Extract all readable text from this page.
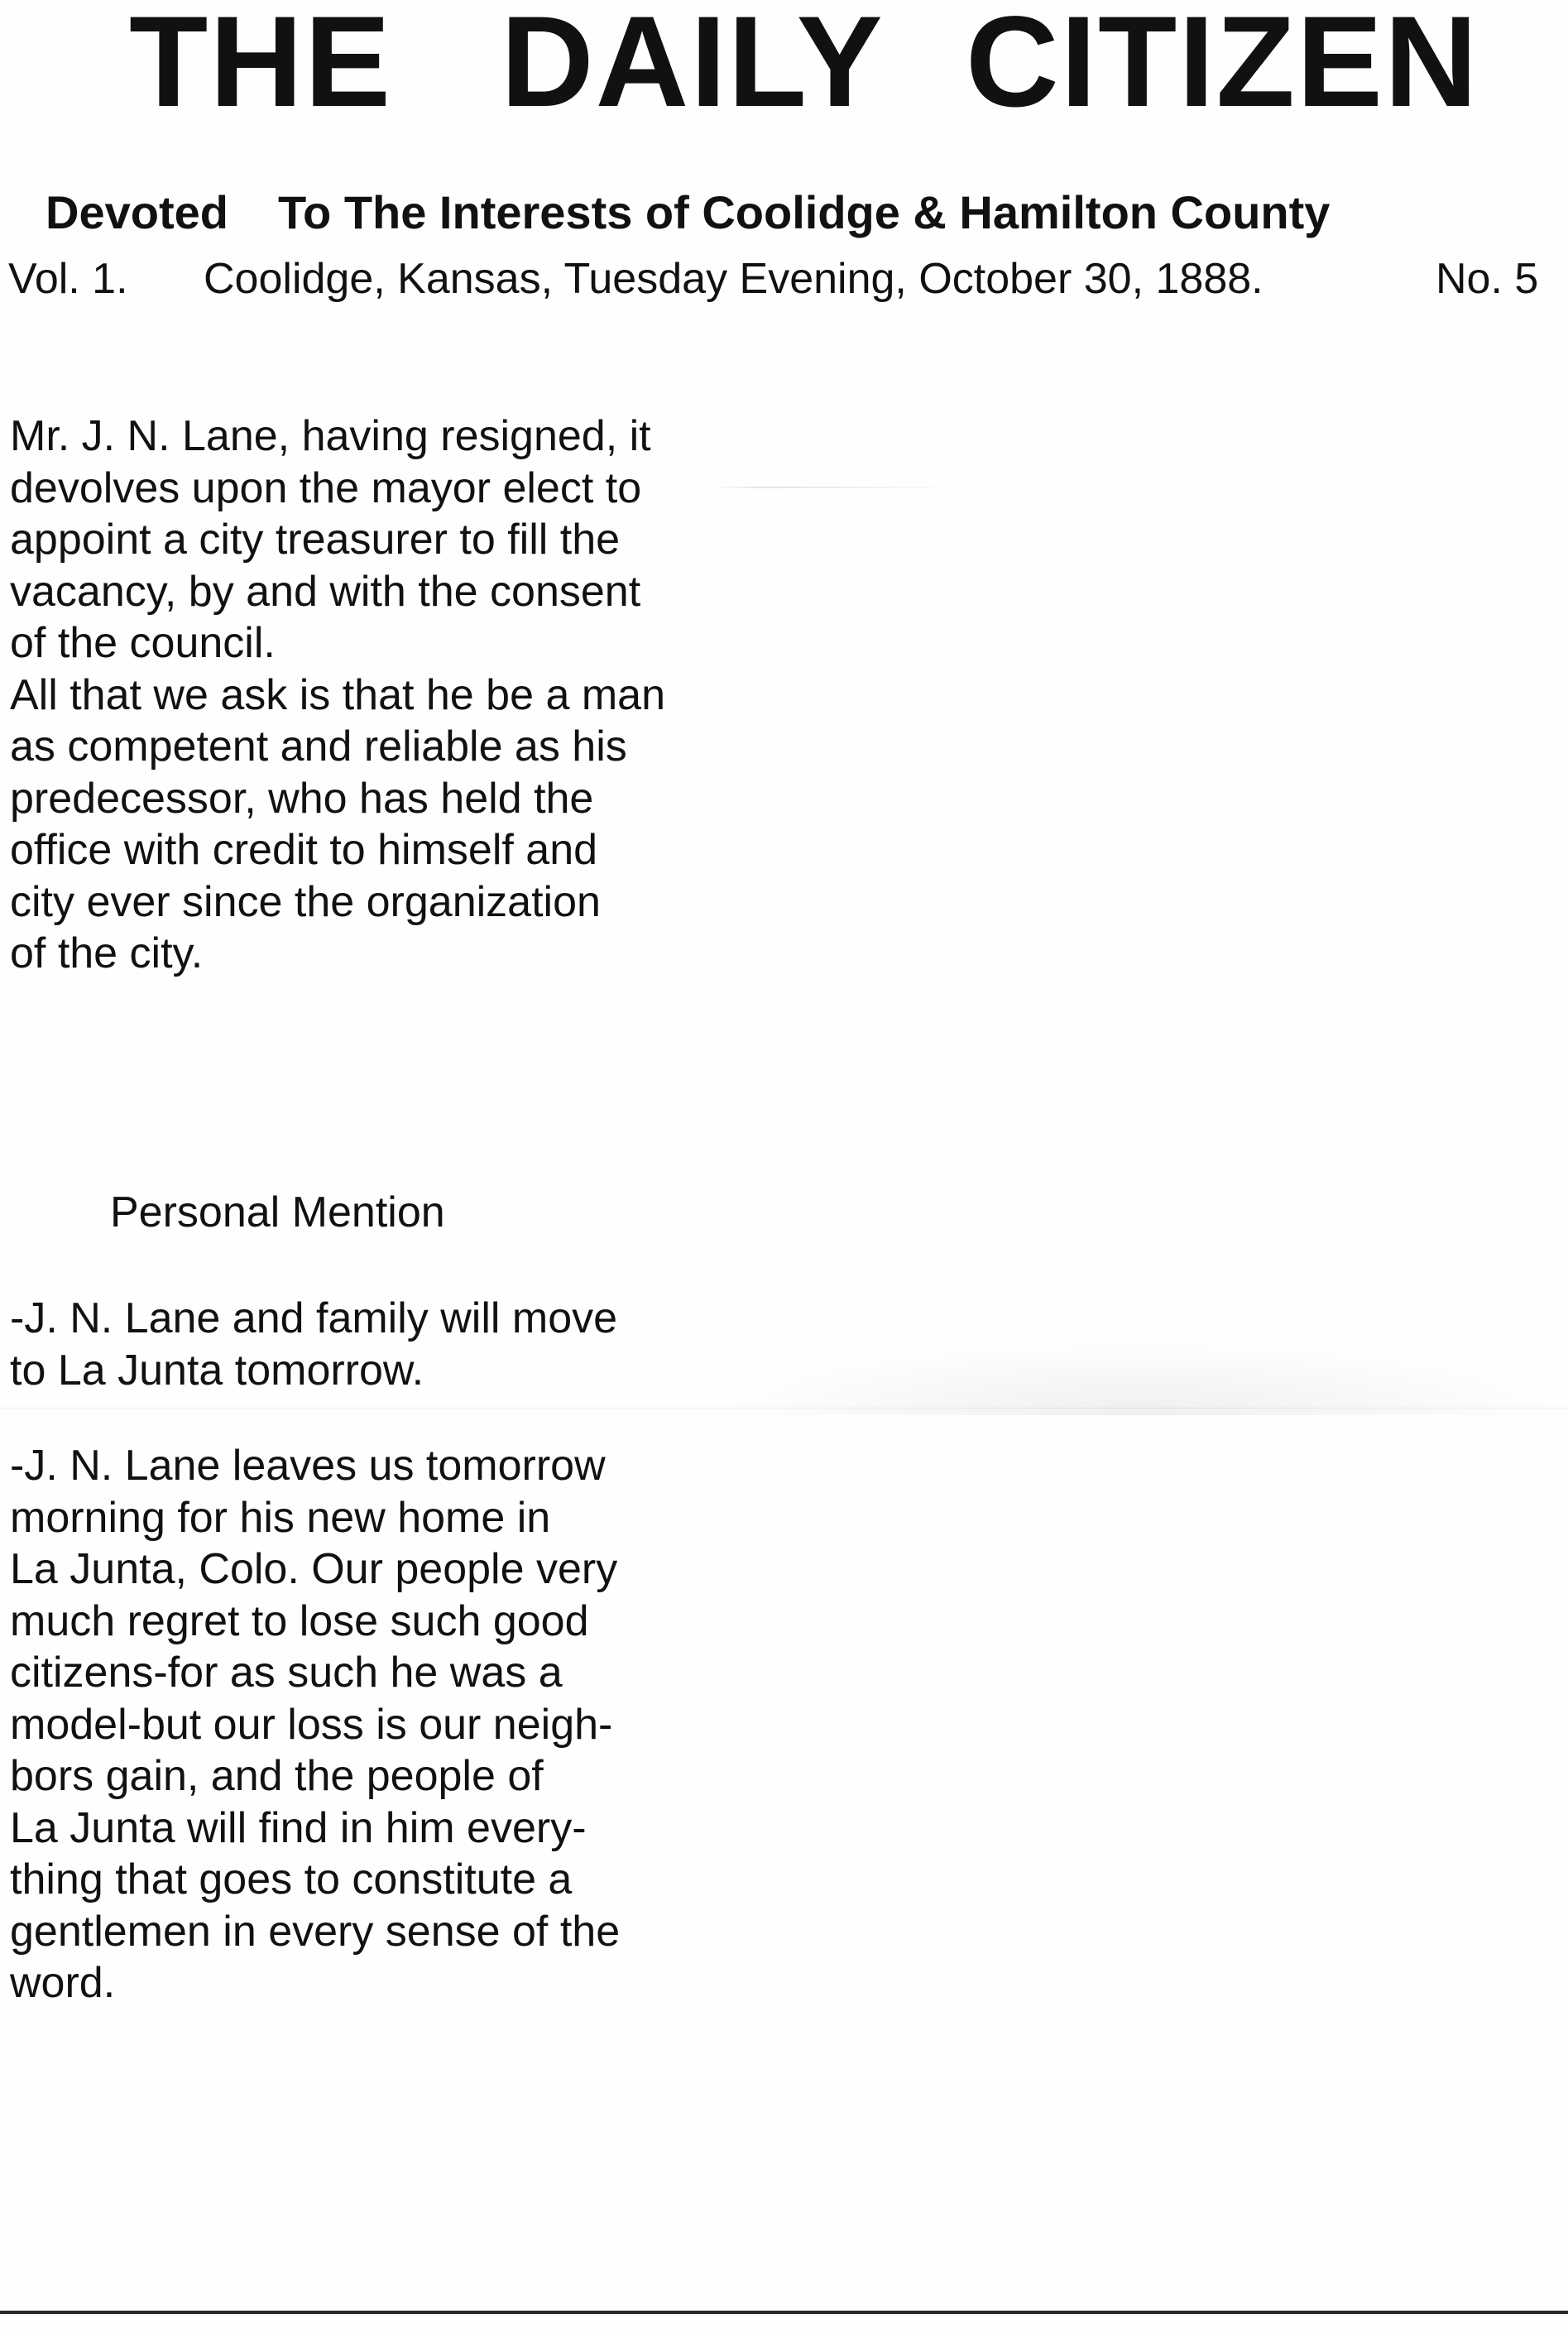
THE DAILY CITIZEN
Devoted To The Interests of Coolidge & Hamilton County
Vol. 1. Coolidge, Kansas, Tuesday Evening, October 30, 1888.	No. 5
Mr. J. N. Lane, having resigned, it
devolves upon the mayor elect to
appoint a city treasurer to fill the
vacancy, by and with the consent
of the council.
All that we ask is that he be a man
as competent and reliable as his
predecessor, who has held the
office with credit to himself and
city ever since the organization
of the city.
Personal Mention
-J. N. Lane and family will move
to La Junta tomorrow.
-J. N. Lane leaves us tomorrow
morning for his new home in
La Junta, Colo. Our people very
much regret to lose such good
citizens-for as such he was a
model-but our loss is our neigh-
bors gain, and the people of
La Junta will find in him every-
thing that goes to constitute a
gentlemen in every sense of the
word.
